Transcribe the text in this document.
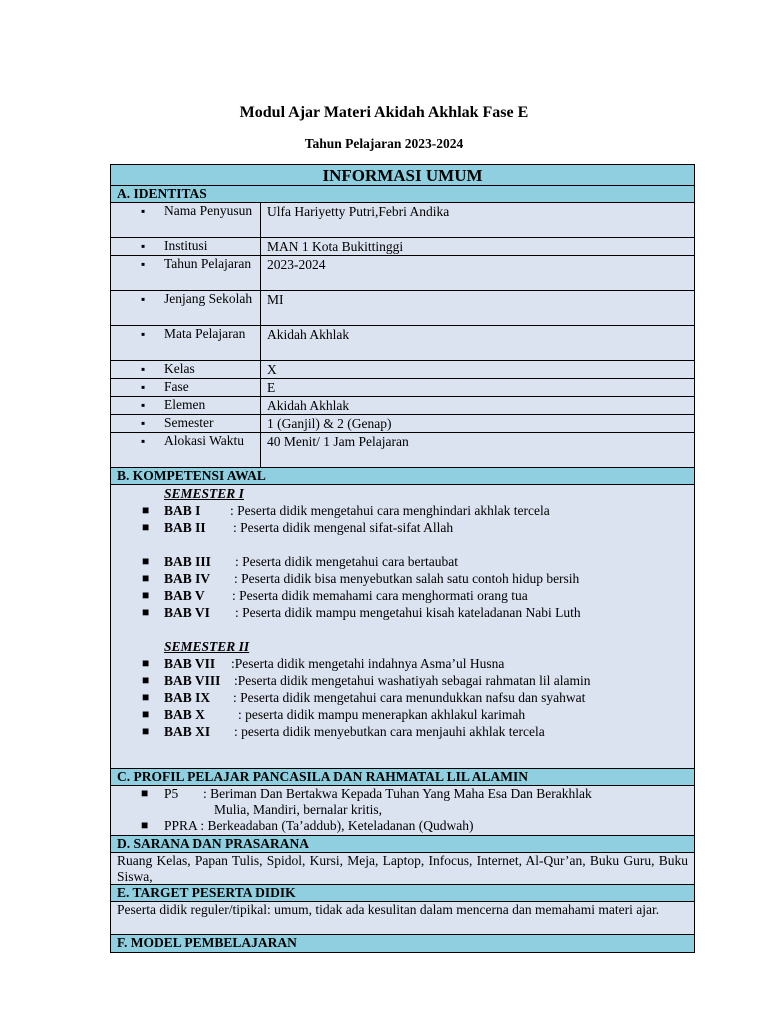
Modul Ajar Materi Akidah Akhlak Fase E
Tahun Pelajaran 2023-2024
INFORMASI UMUM
A. IDENTITAS
▪ Nama Penyusun	Ulfa Hariyetty Putri,Febri Andika
▪ Institusi	MAN 1 Kota Bukittinggi
▪ Tahun Pelajaran	2023-2024
▪ Jenjang Sekolah	MI
▪ Mata Pelajaran	Akidah Akhlak
▪ Kelas	X
▪ Fase	E
▪ Elemen	Akidah Akhlak
▪ Semester	1 (Ganjil) & 2 (Genap)
▪ Alokasi Waktu	40 Menit/ 1 Jam Pelajaran
B. KOMPETENSI AWAL
SEMESTER I
■ BAB I : Peserta didik mengetahui cara menghindari akhlak tercela
■ BAB II : Peserta didik mengenal sifat-sifat Allah
■ BAB III : Peserta didik mengetahui cara bertaubat
■ BAB IV : Peserta didik bisa menyebutkan salah satu contoh hidup bersih
■ BAB V : Peserta didik memahami cara menghormati orang tua
■ BAB VI : Peserta didik mampu mengetahui kisah kateladanan Nabi Luth
SEMESTER II
■ BAB VII :Peserta didik mengetahi indahnya Asma’ul Husna
■ BAB VIII :Peserta didik mengetahui washatiyah sebagai rahmatan lil alamin
■ BAB IX : Peserta didik mengetahui cara menundukkan nafsu dan syahwat
■ BAB X : peserta didik mampu menerapkan akhlakul karimah
■ BAB XI : peserta didik menyebutkan cara menjauhi akhlak tercela
C. PROFIL PELAJAR PANCASILA DAN RAHMATAL LIL ALAMIN
■ P5 : Beriman Dan Bertakwa Kepada Tuhan Yang Maha Esa Dan Berakhlak
Mulia, Mandiri, bernalar kritis,
■ PPRA : Berkeadaban (Ta’addub), Keteladanan (Qudwah)
D. SARANA DAN PRASARANA
Ruang Kelas, Papan Tulis, Spidol, Kursi, Meja, Laptop, Infocus, Internet, Al-Qur’an, Buku Guru, Buku Siswa,
E. TARGET PESERTA DIDIK
Peserta didik reguler/tipikal: umum, tidak ada kesulitan dalam mencerna dan memahami materi ajar.
F. MODEL PEMBELAJARAN
